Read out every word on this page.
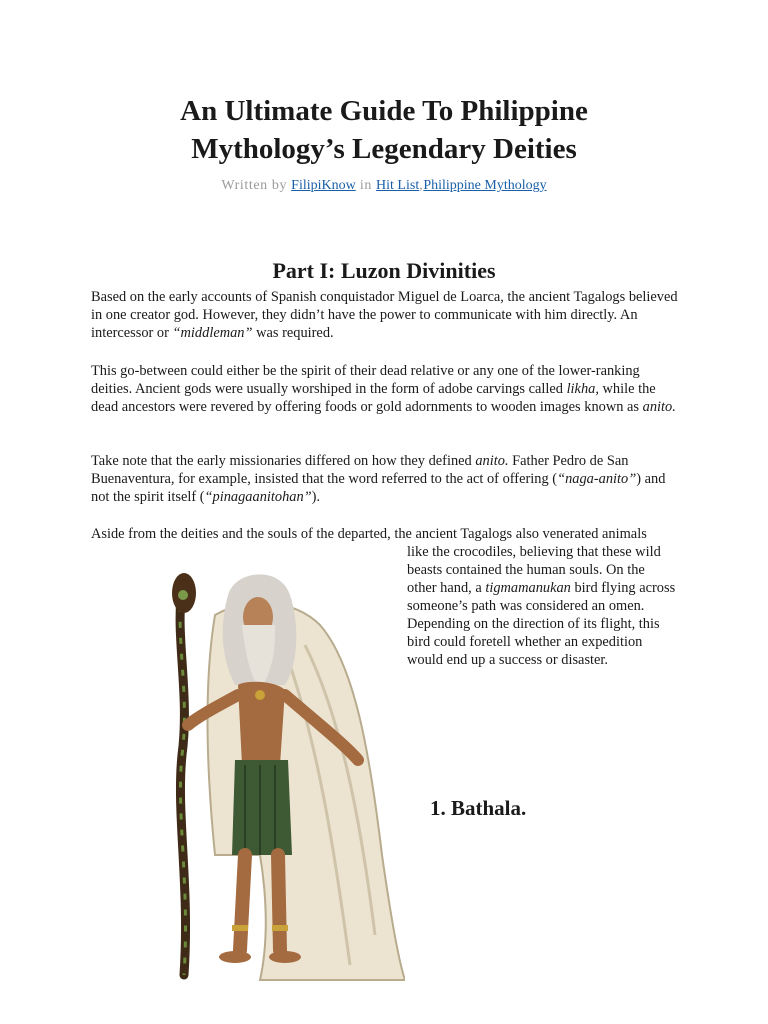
An Ultimate Guide To Philippine
Mythology’s Legendary Deities
Written by FilipiKnow in Hit List,Philippine Mythology
Part I: Luzon Divinities

Based on the early accounts of Spanish conquistador Miguel de Loarca, the ancient Tagalogs believed in one creator god. However, they didn’t have the power to communicate with him directly. An intercessor or “middleman” was required.

This go-between could either be the spirit of their dead relative or any one of the lower-ranking deities. Ancient gods were usually worshiped in the form of adobe carvings called likha, while the dead ancestors were revered by offering foods or gold adornments to wooden images known as anito.

Take note that the early missionaries differed on how they defined anito. Father Pedro de San Buenaventura, for example, insisted that the word referred to the act of offering (“naga-anito”) and not the spirit itself (“pinagaanitohan”).

Aside from the deities and the souls of the departed, the ancient Tagalogs also venerated animals

like the crocodiles, believing that these wild beasts contained the human souls. On the other hand, a tigmamanukan bird flying across someone’s path was considered an omen. Depending on the direction of its flight, this bird could foretell whether an expedition would end up a success or disaster.

1. Bathala.
